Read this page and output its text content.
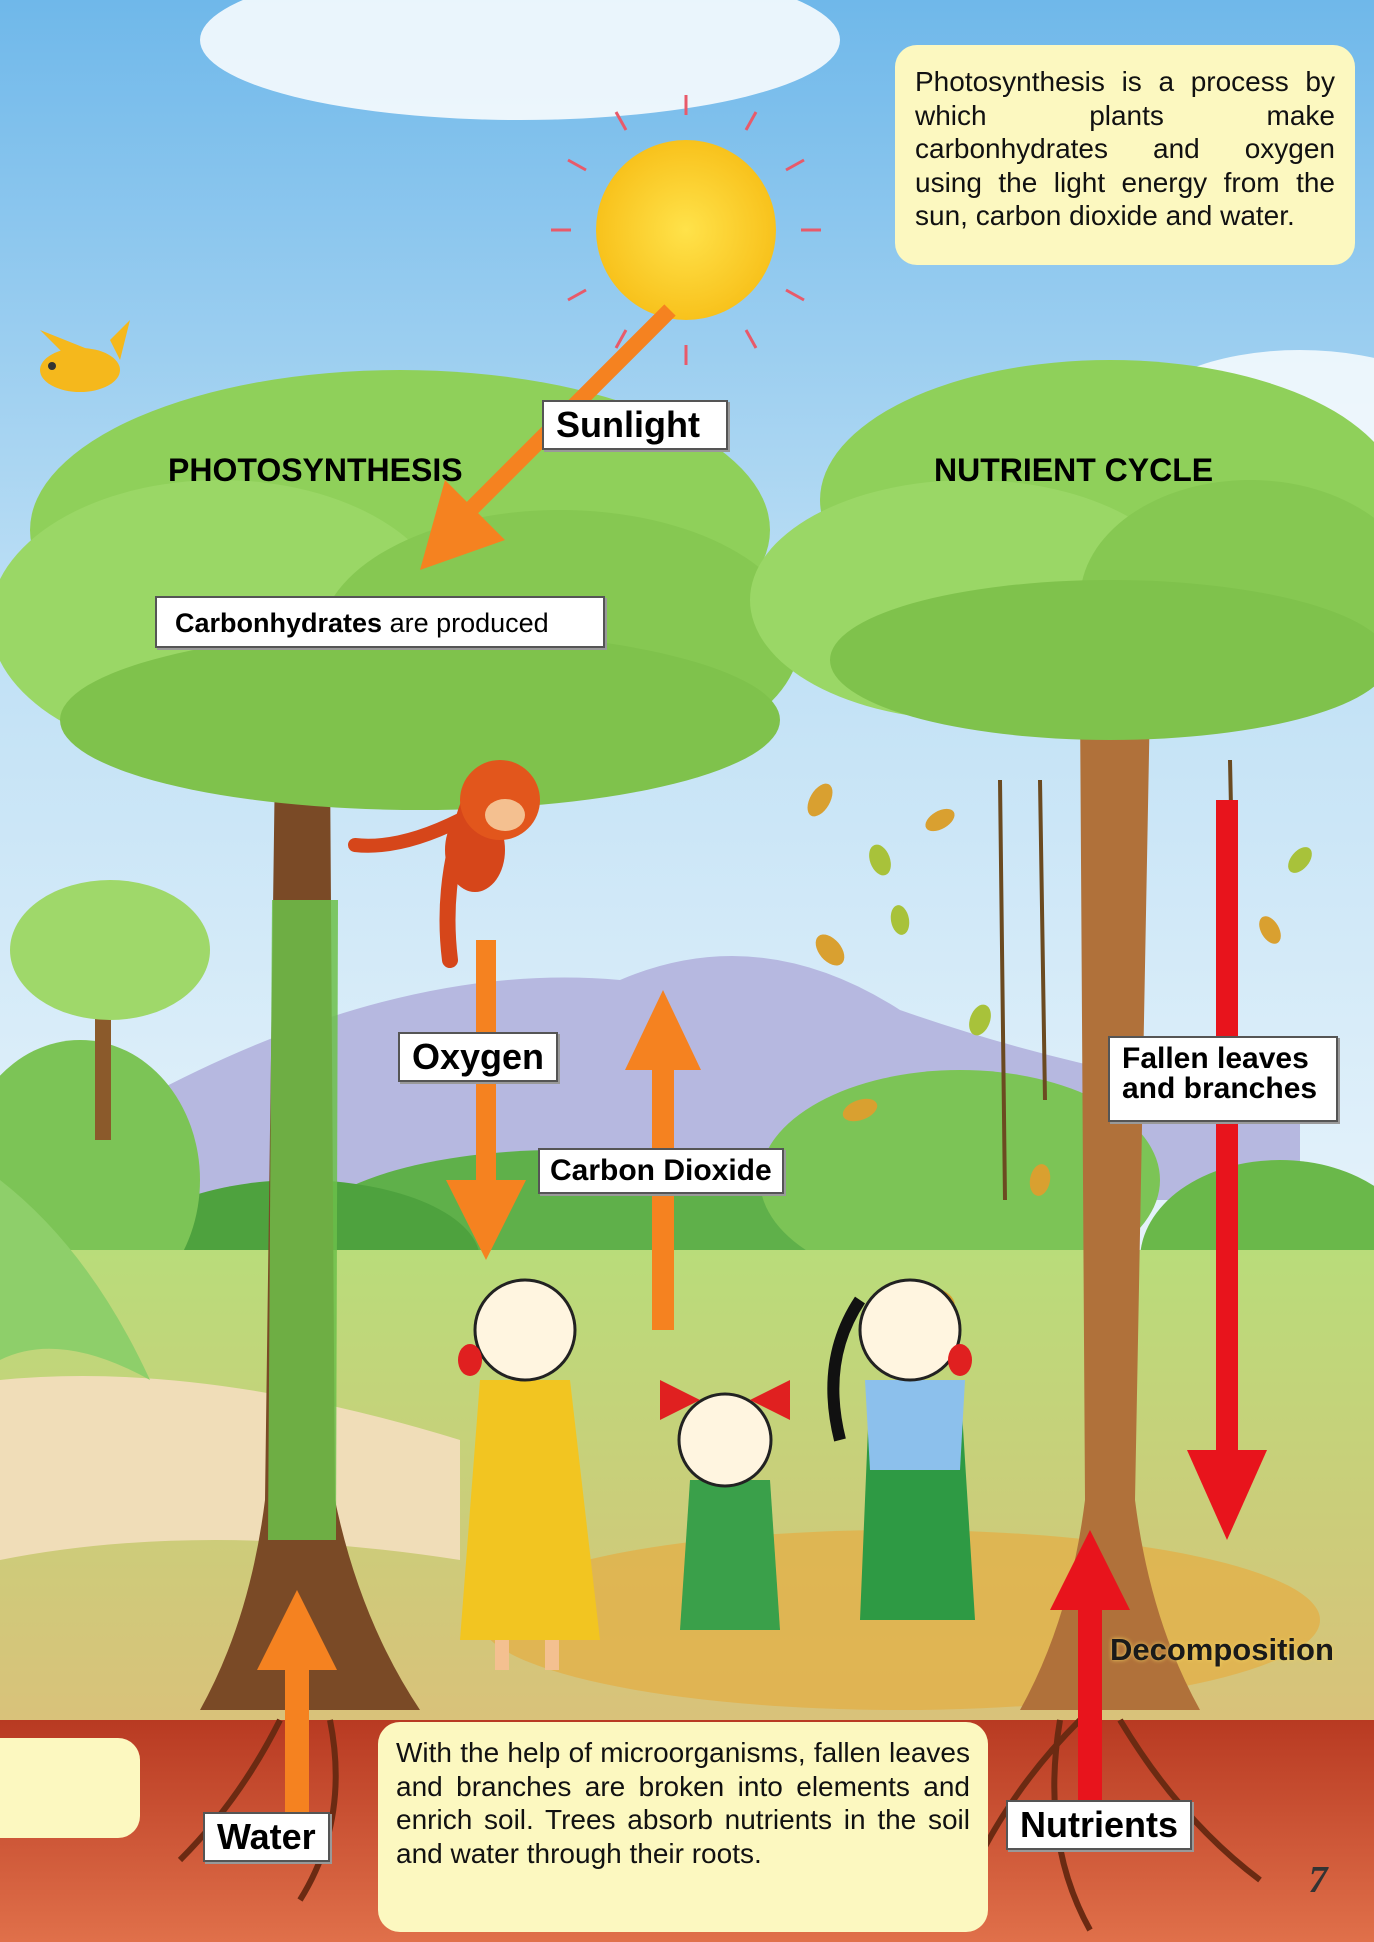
7
Photosynthesis is a process by which plants make carbonhydrates and oxygen using the light energy from the sun, carbon dioxide and water.
PHOTOSYNTHESIS	NUTRIENT CYCLE
Decomposition
Sunlight
Carbonhydrates are produced
Oxygen
Carbon Dioxide
Fallen leaves
and branches
Water	Nutrients
With the help of microorganisms, fallen leaves and branches are broken into elements and enrich soil. Trees absorb nutrients in the soil and water through their roots.
